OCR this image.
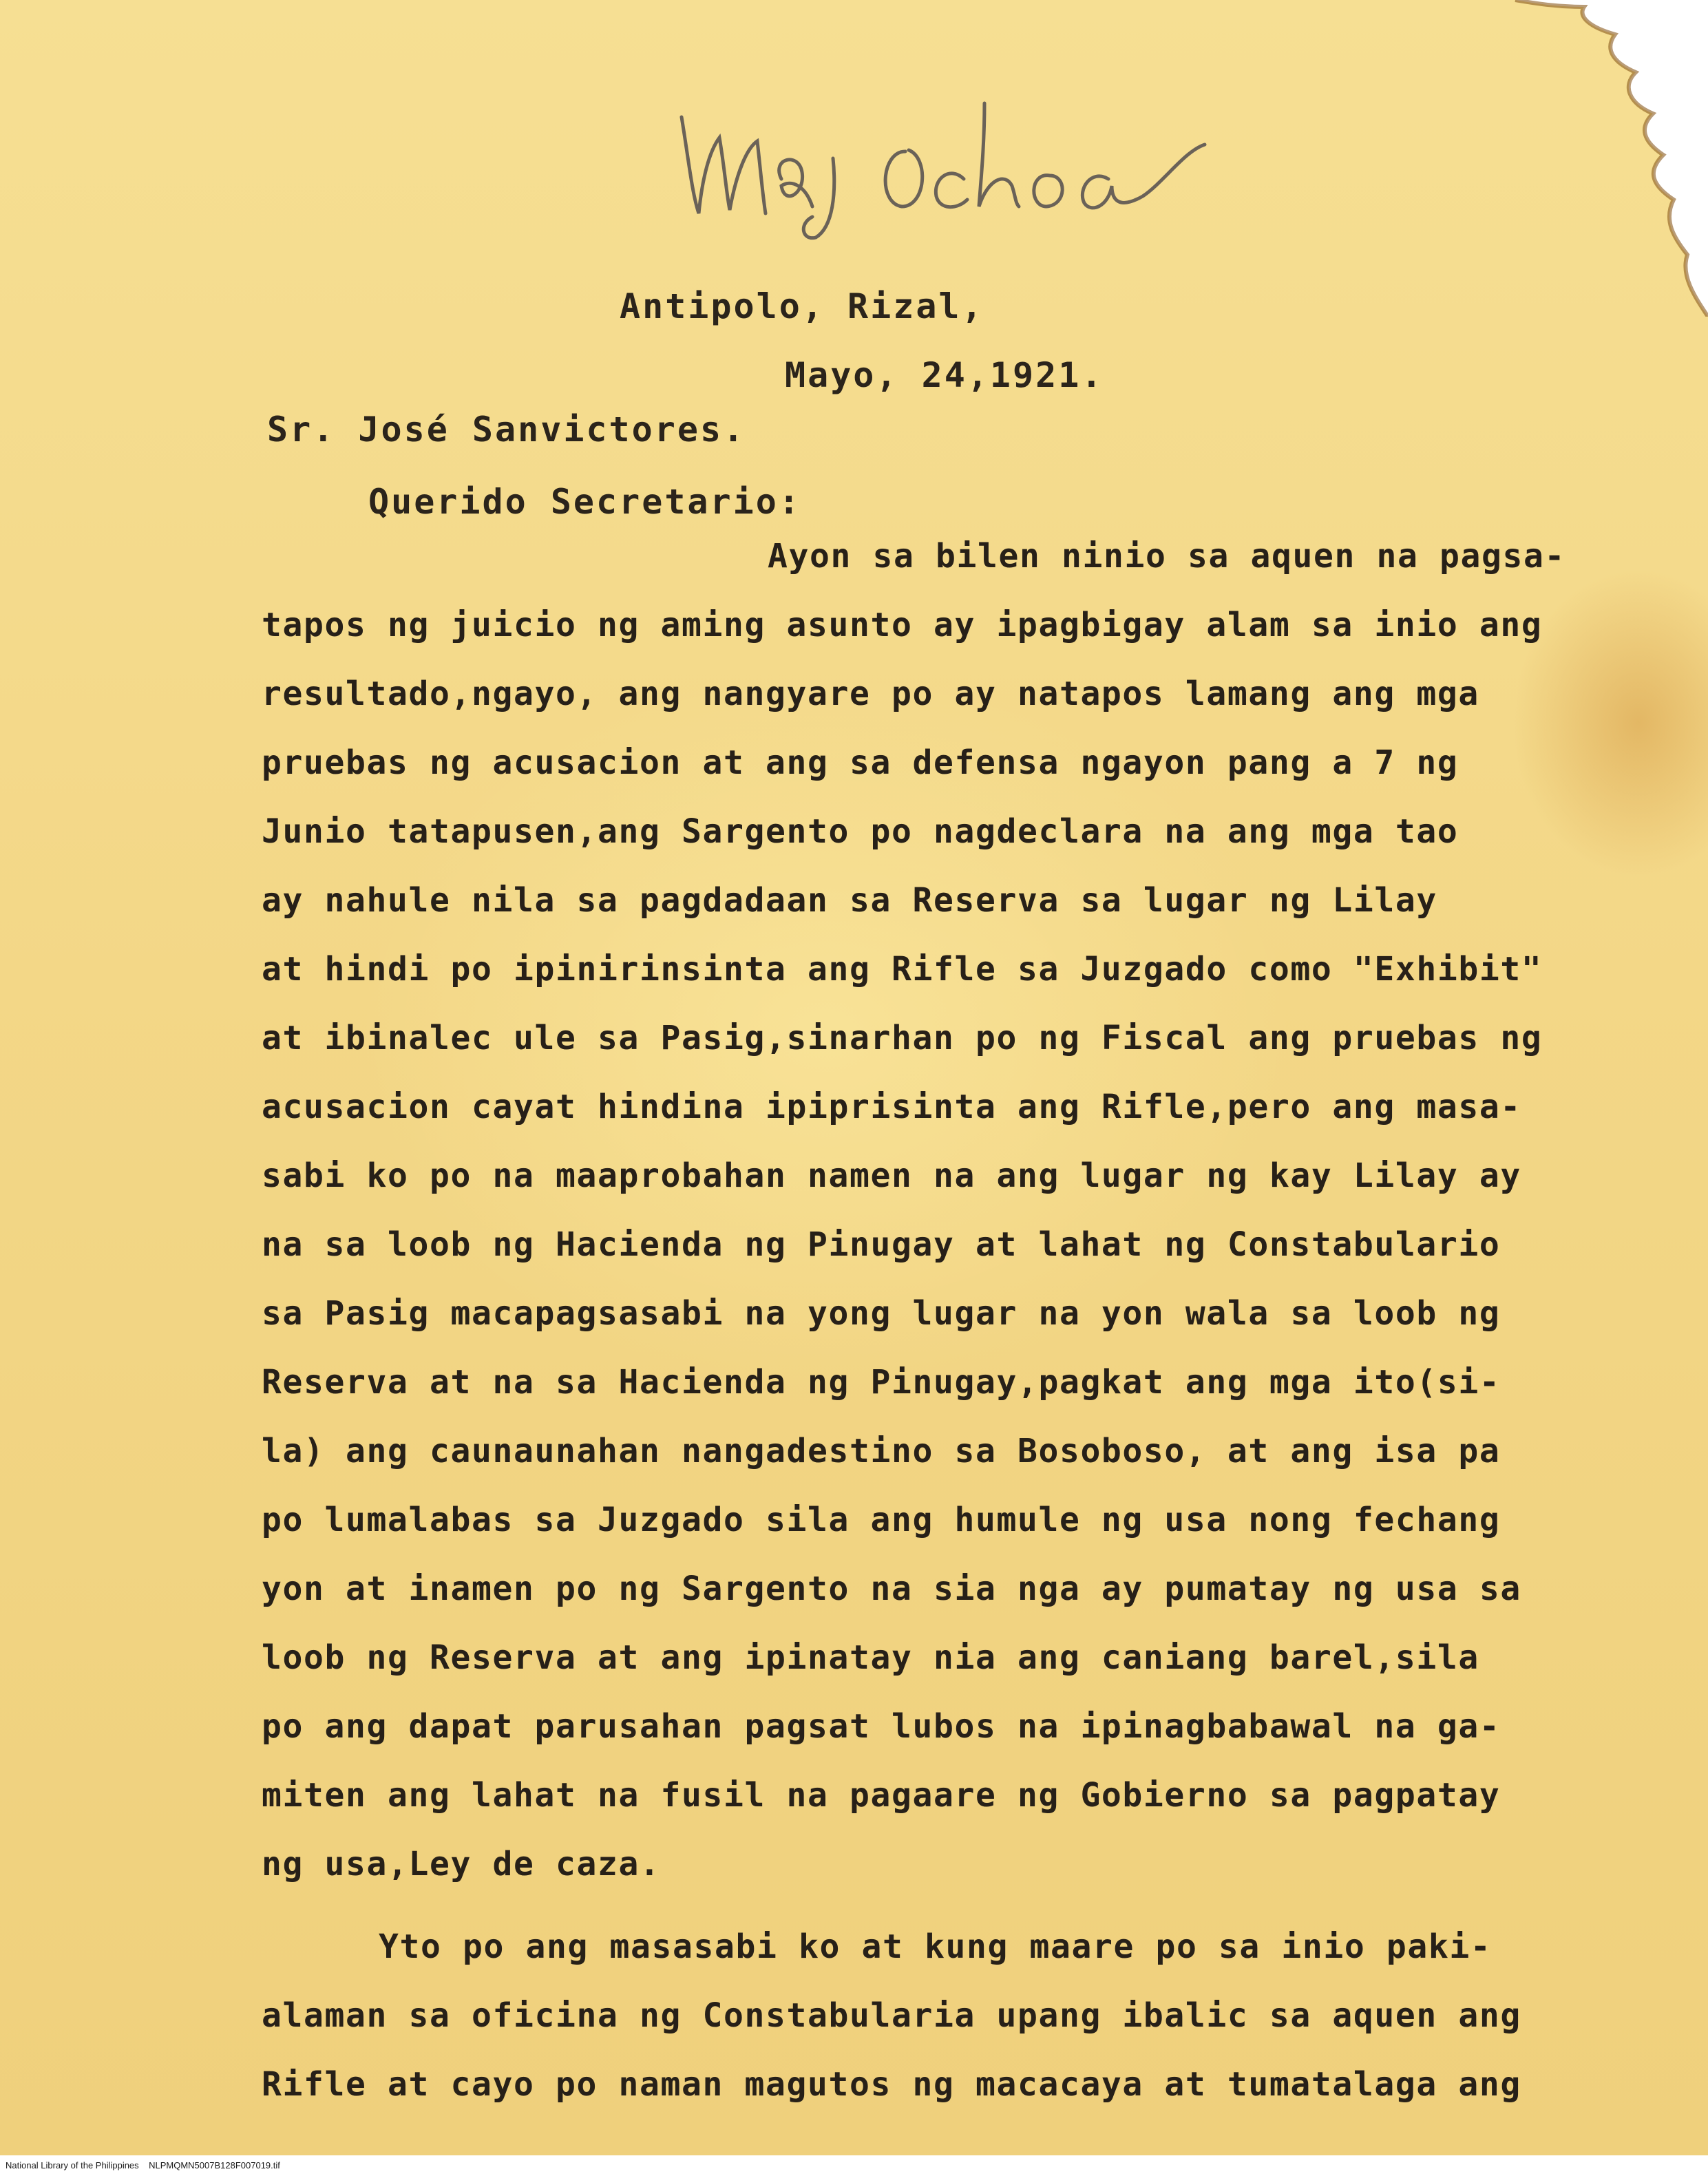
Antipolo, Rizal,
Mayo, 24,1921.
Sr. José Sanvictores.
Querido Secretario:
Ayon sa bilen ninio sa aquen na pagsa-
tapos ng juicio ng aming asunto ay ipagbigay alam sa inio ang
resultado,ngayo, ang nangyare po ay natapos lamang ang mga
pruebas ng acusacion at ang sa defensa ngayon pang a 7 ng
Junio tatapusen,ang Sargento po nagdeclara na ang mga tao
ay nahule nila sa pagdadaan sa Reserva sa lugar ng Lilay
at hindi po ipinirinsinta ang Rifle sa Juzgado como "Exhibit"
at ibinalec ule sa Pasig,sinarhan po ng Fiscal ang pruebas ng
acusacion cayat hindina ipiprisinta ang Rifle,pero ang masa-
sabi ko po na maaprobahan namen na ang lugar ng kay Lilay ay
na sa loob ng Hacienda ng Pinugay at lahat ng Constabulario
sa Pasig macapagsasabi na yong lugar na yon wala sa loob ng
Reserva at na sa Hacienda ng Pinugay,pagkat ang mga ito(si-
la) ang caunaunahan nangadestino sa Bosoboso, at ang isa pa
po lumalabas sa Juzgado sila ang humule ng usa nong fechang
yon at inamen po ng Sargento na sia nga ay pumatay ng usa sa
loob ng Reserva at ang ipinatay nia ang caniang barel,sila
po ang dapat parusahan pagsat lubos na ipinagbabawal na ga-
miten ang lahat na fusil na pagaare ng Gobierno sa pagpatay
ng usa,Ley de caza.
Yto po ang masasabi ko at kung maare po sa inio paki-
alaman sa oficina ng Constabularia upang ibalic sa aquen ang
Rifle at cayo po naman magutos ng macacaya at tumatalaga ang
National Library of the Philippines    NLPMQMN5007B128F007019.tif
